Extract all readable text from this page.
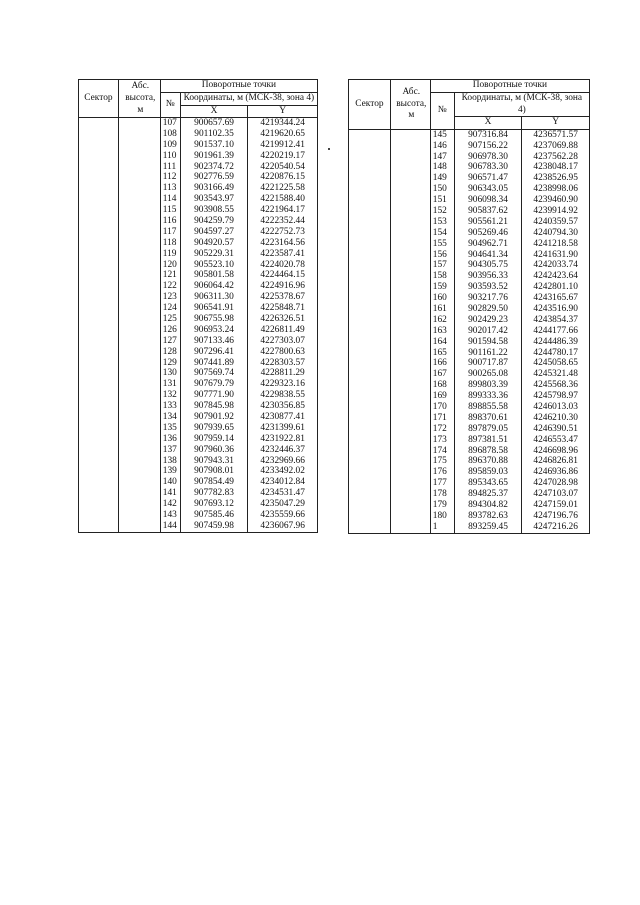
Сектор	Абс. высота, м	Поворотные точки		
		№	Координаты, м (МСК-38, зона 4)	
			X	Y
		107	900657.69	4219344.24
		108	901102.35	4219620.65
		109	901537.10	4219912.41
		110	901961.39	4220219.17
		111	902374.72	4220540.54
		112	902776.59	4220876.15
		113	903166.49	4221225.58
		114	903543.97	4221588.40
		115	903908.55	4221964.17
		116	904259.79	4222352.44
		117	904597.27	4222752.73
		118	904920.57	4223164.56
		119	905229.31	4223587.41
		120	905523.10	4224020.78
		121	905801.58	4224464.15
		122	906064.42	4224916.96
		123	906311.30	4225378.67
		124	906541.91	4225848.71
		125	906755.98	4226326.51
		126	906953.24	4226811.49
		127	907133.46	4227303.07
		128	907296.41	4227800.63
		129	907441.89	4228303.57
		130	907569.74	4228811.29
		131	907679.79	4229323.16
		132	907771.90	4229838.55
		133	907845.98	4230356.85
		134	907901.92	4230877.41
		135	907939.65	4231399.61
		136	907959.14	4231922.81
		137	907960.36	4232446.37
		138	907943.31	4232969.66
		139	907908.01	4233492.02
		140	907854.49	4234012.84
		141	907782.83	4234531.47
		142	907693.12	4235047.29
		143	907585.46	4235559.66
		144	907459.98	4236067.96
Сектор	Абс. высота, м	Поворотные точки		
		№	Координаты, м (МСК-38, зона 4)	
			X	Y
		145	907316.84	4236571.57
		146	907156.22	4237069.88
		147	906978.30	4237562.28
		148	906783.30	4238048.17
		149	906571.47	4238526.95
		150	906343.05	4238998.06
		151	906098.34	4239460.90
		152	905837.62	4239914.92
		153	905561.21	4240359.57
		154	905269.46	4240794.30
		155	904962.71	4241218.58
		156	904641.34	4241631.90
		157	904305.75	4242033.74
		158	903956.33	4242423.64
		159	903593.52	4242801.10
		160	903217.76	4243165.67
		161	902829.50	4243516.90
		162	902429.23	4243854.37
		163	902017.42	4244177.66
		164	901594.58	4244486.39
		165	901161.22	4244780.17
		166	900717.87	4245058.65
		167	900265.08	4245321.48
		168	899803.39	4245568.36
		169	899333.36	4245798.97
		170	898855.58	4246013.03
		171	898370.61	4246210.30
		172	897879.05	4246390.51
		173	897381.51	4246553.47
		174	896878.58	4246698.96
		175	896370.88	4246826.81
		176	895859.03	4246936.86
		177	895343.65	4247028.98
		178	894825.37	4247103.07
		179	894304.82	4247159.01
		180	893782.63	4247196.76
		1	893259.45	4247216.26
